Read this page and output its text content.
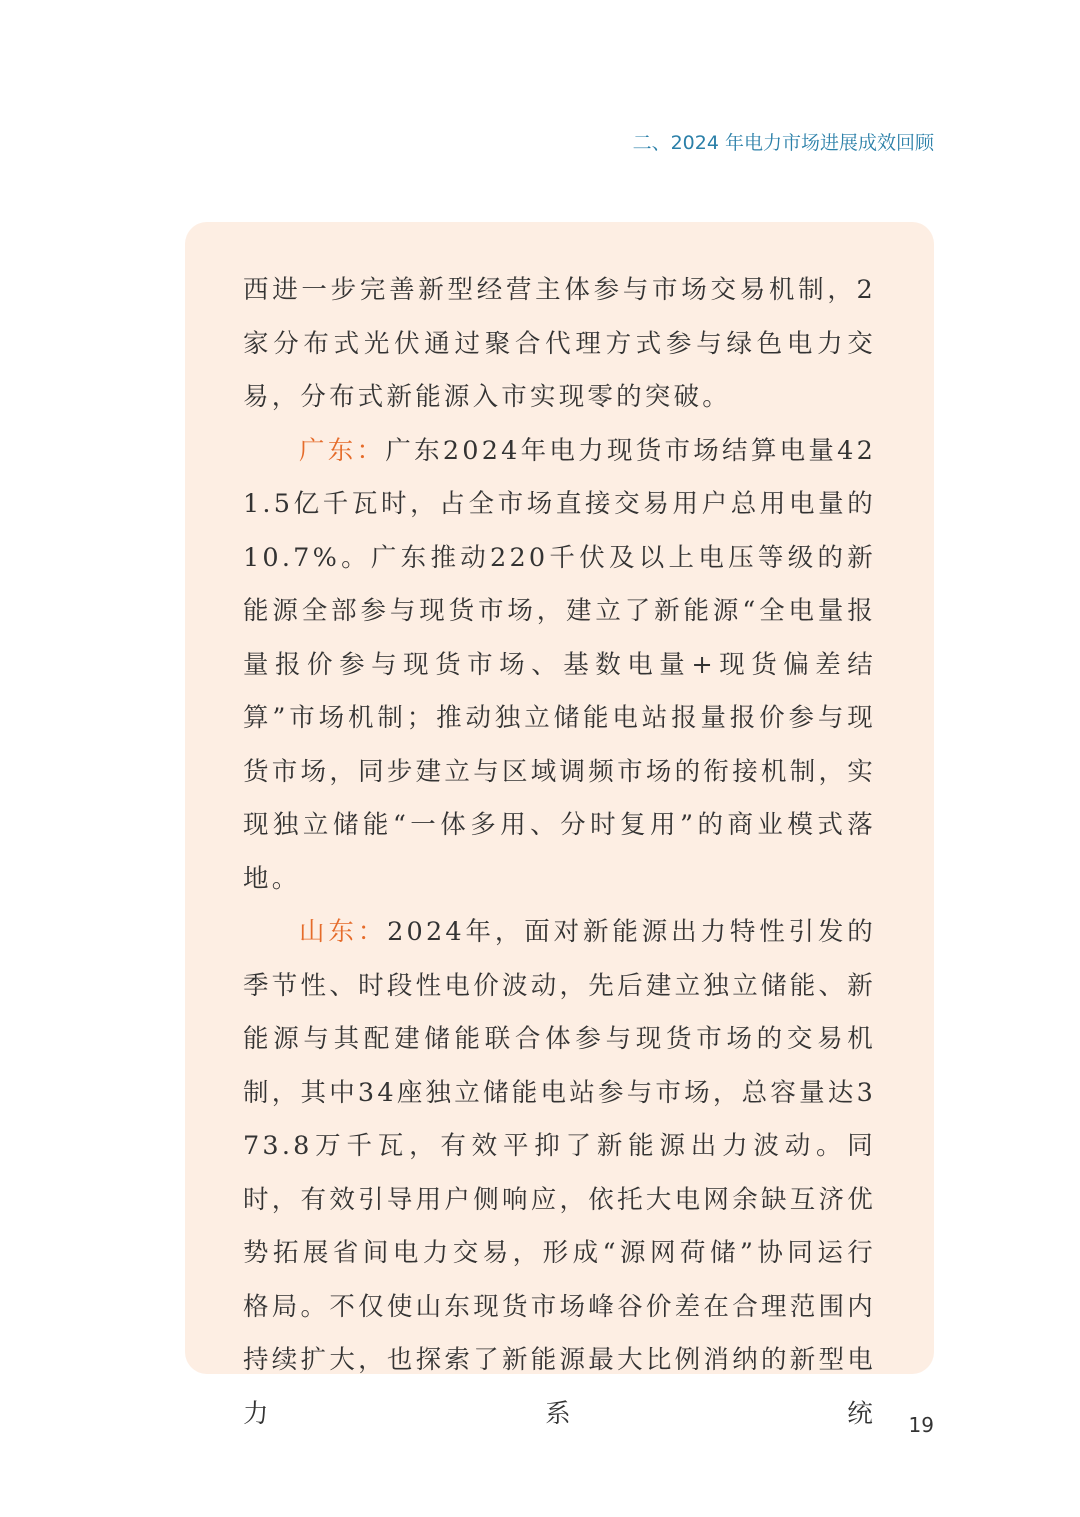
二、2024 年电力市场进展成效回顾

西进一步完善新型经营主体参与市场交易机制，2家分布式光伏通过聚合代理方式参与绿色电力交易，分布式新能源入市实现零的突破。

广东：广东2024年电力现货市场结算电量421.5亿千瓦时，占全市场直接交易用户总用电量的10.7%。广东推动220千伏及以上电压等级的新能源全部参与现货市场，建立了新能源“全电量报量报价参与现货市场、基数电量+现货偏差结算”市场机制；推动独立储能电站报量报价参与现货市场，同步建立与区域调频市场的衔接机制，实现独立储能“一体多用、分时复用”的商业模式落地。

山东：2024年，面对新能源出力特性引发的季节性、时段性电价波动，先后建立独立储能、新能源与其配建储能联合体参与现货市场的交易机制，其中34座独立储能电站参与市场，总容量达373.8万千瓦，有效平抑了新能源出力波动。同时，有效引导用户侧响应，依托大电网余缺互济优势拓展省间电力交易，形成“源网荷储”协同运行格局。不仅使山东现货市场峰谷价差在合理范围内持续扩大，也探索了新能源最大比例消纳的新型电力系统 19
